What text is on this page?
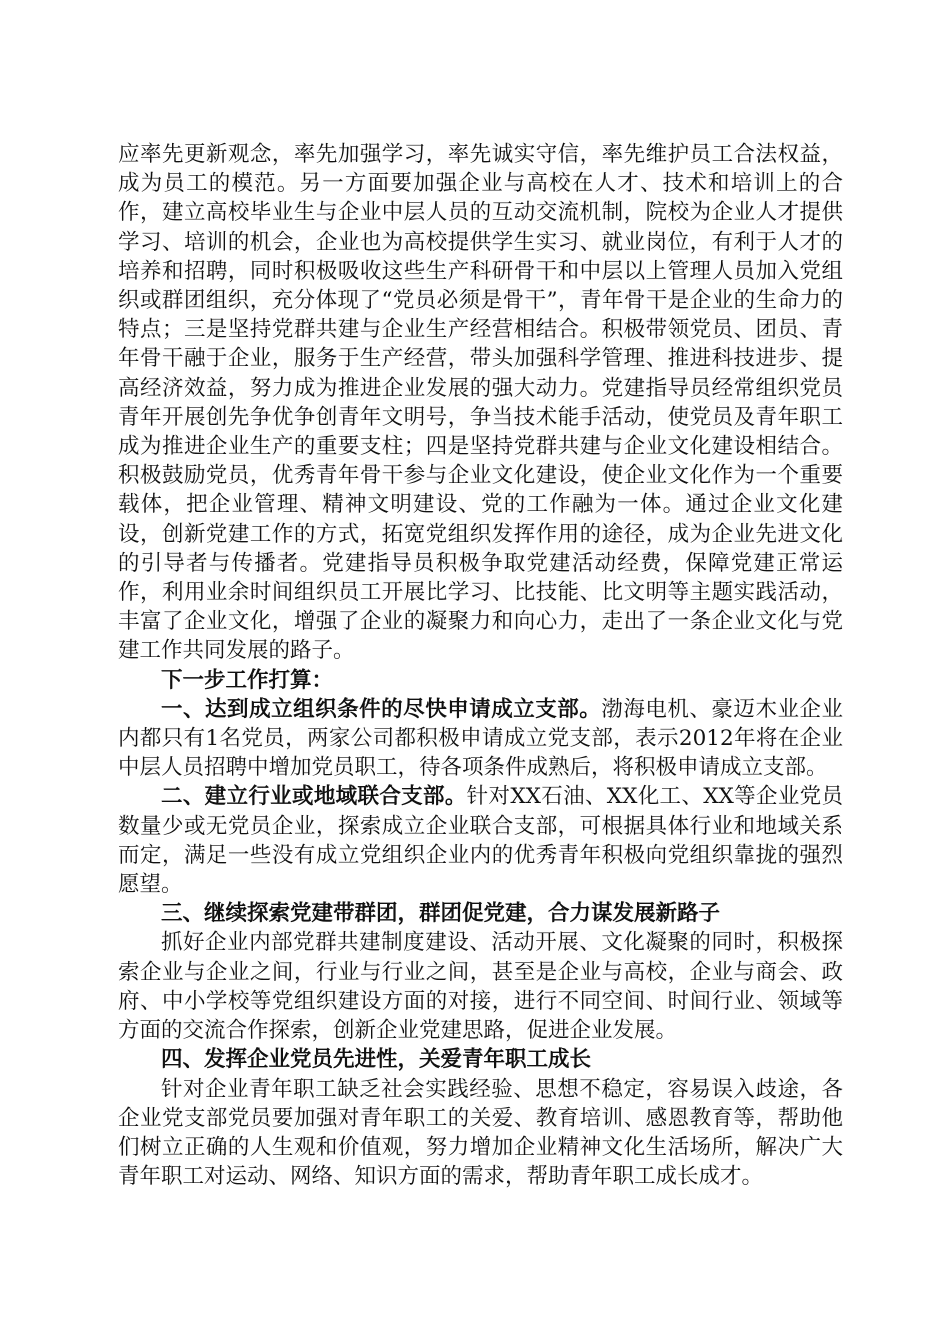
应率先更新观念，率先加强学习，率先诚实守信，率先维护员工合法权益，成为员工的模范。另一方面要加强企业与高校在人才、技术和培训上的合作，建立高校毕业生与企业中层人员的互动交流机制，院校为企业人才提供学习、培训的机会，企业也为高校提供学生实习、就业岗位，有利于人才的培养和招聘，同时积极吸收这些生产科研骨干和中层以上管理人员加入党组织或群团组织，充分体现了“党员必须是骨干”，青年骨干是企业的生命力的特点；三是坚持党群共建与企业生产经营相结合。积极带领党员、团员、青年骨干融于企业，服务于生产经营，带头加强科学管理、推进科技进步、提高经济效益，努力成为推进企业发展的强大动力。党建指导员经常组织党员青年开展创先争优争创青年文明号，争当技术能手活动，使党员及青年职工成为推进企业生产的重要支柱；四是坚持党群共建与企业文化建设相结合。积极鼓励党员，优秀青年骨干参与企业文化建设，使企业文化作为一个重要载体，把企业管理、精神文明建设、党的工作融为一体。通过企业文化建设，创新党建工作的方式，拓宽党组织发挥作用的途径，成为企业先进文化的引导者与传播者。党建指导员积极争取党建活动经费，保障党建正常运作，利用业余时间组织员工开展比学习、比技能、比文明等主题实践活动，丰富了企业文化，增强了企业的凝聚力和向心力，走出了一条企业文化与党建工作共同发展的路子。

下一步工作打算：

一、达到成立组织条件的尽快申请成立支部。渤海电机、豪迈木业企业内都只有1名党员，两家公司都积极申请成立党支部，表示2012年将在企业中层人员招聘中增加党员职工，待各项条件成熟后，将积极申请成立支部。

二、建立行业或地域联合支部。针对XX石油、XX化工、XX等企业党员数量少或无党员企业，探索成立企业联合支部，可根据具体行业和地域关系而定，满足一些没有成立党组织企业内的优秀青年积极向党组织靠拢的强烈愿望。

三、继续探索党建带群团，群团促党建，合力谋发展新路子

抓好企业内部党群共建制度建设、活动开展、文化凝聚的同时，积极探索企业与企业之间，行业与行业之间，甚至是企业与高校，企业与商会、政府、中小学校等党组织建设方面的对接，进行不同空间、时间行业、领域等方面的交流合作探索，创新企业党建思路，促进企业发展。

四、发挥企业党员先进性，关爱青年职工成长

针对企业青年职工缺乏社会实践经验、思想不稳定，容易误入歧途，各企业党支部党员要加强对青年职工的关爱、教育培训、感恩教育等，帮助他们树立正确的人生观和价值观，努力增加企业精神文化生活场所，解决广大青年职工对运动、网络、知识方面的需求，帮助青年职工成长成才。
